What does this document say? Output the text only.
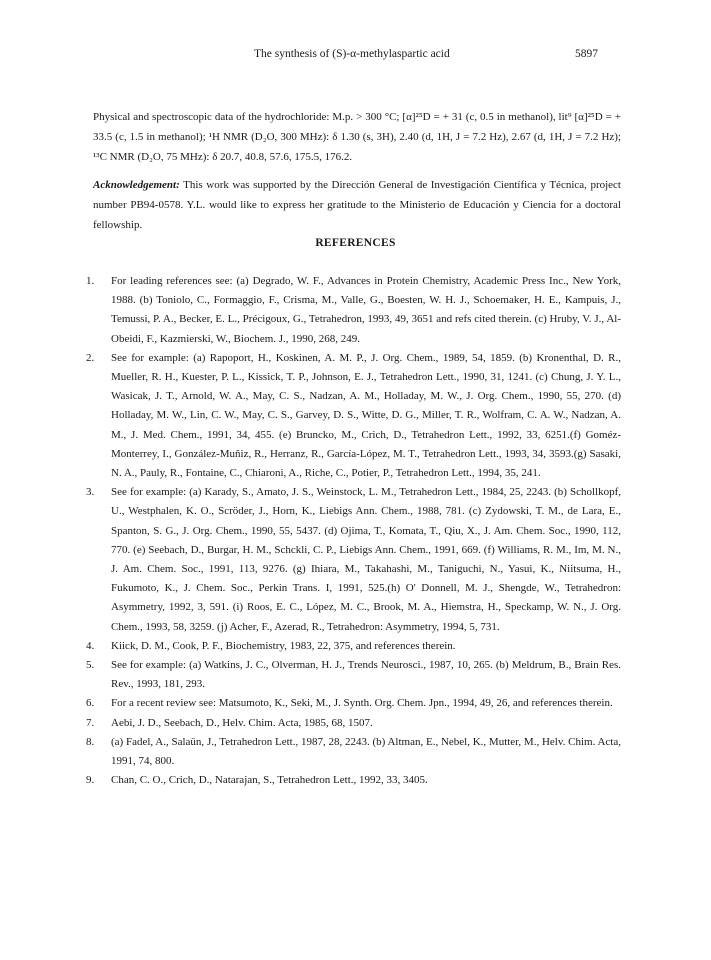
The synthesis of (S)-α-methylaspartic acid	5897

Physical and spectroscopic data of the hydrochloride: M.p. > 300 °C; [α]²⁵D = + 31 (c, 0.5 in methanol), lit⁹ [α]²⁵D = + 33.5 (c, 1.5 in methanol); ¹H NMR (D₂O, 300 MHz): δ 1.30 (s, 3H), 2.40 (d, 1H, J = 7.2 Hz), 2.67 (d, 1H, J = 7.2 Hz); ¹³C NMR (D₂O, 75 MHz): δ 20.7, 40.8, 57.6, 175.5, 176.2.

Acknowledgement: This work was supported by the Dirección General de Investigación Científica y Técnica, project number PB94-0578. Y.L. would like to express her gratitude to the Ministerio de Educación y Ciencia for a doctoral fellowship.

REFERENCES
1. For leading references see: (a) Degrado, W. F., Advances in Protein Chemistry, Academic Press Inc., New York, 1988. (b) Toniolo, C., Formaggio, F., Crisma, M., Valle, G., Boesten, W. H. J., Schoemaker, H. E., Kampuis, J., Temussi, P. A., Becker, E. L., Précigoux, G., Tetrahedron, 1993, 49, 3651 and refs cited therein. (c) Hruby, V. J., Al-Obeidi, F., Kazmierski, W., Biochem. J., 1990, 268, 249.
2. See for example: (a) Rapoport, H., Koskinen, A. M. P., J. Org. Chem., 1989, 54, 1859. (b) Kronenthal, D. R., Mueller, R. H., Kuester, P. L., Kissick, T. P., Johnson, E. J., Tetrahedron Lett., 1990, 31, 1241. (c) Chung, J. Y. L., Wasicak, J. T., Arnold, W. A., May, C. S., Nadzan, A. M., Holladay, M. W., J. Org. Chem., 1990, 55, 270. (d) Holladay, M. W., Lin, C. W., May, C. S., Garvey, D. S., Witte, D. G., Miller, T. R., Wolfram, C. A. W., Nadzan, A. M., J. Med. Chem., 1991, 34, 455. (e) Bruncko, M., Crich, D., Tetrahedron Lett., 1992, 33, 6251.(f) Goméz-Monterrey, I., González-Muñiz, R., Herranz, R., García-López, M. T., Tetrahedron Lett., 1993, 34, 3593.(g) Sasaki, N. A., Pauly, R., Fontaine, C., Chiaroni, A., Riche, C., Potier, P., Tetrahedron Lett., 1994, 35, 241.
3. See for example: (a) Karady, S., Amato, J. S., Weinstock, L. M., Tetrahedron Lett., 1984, 25, 2243. (b) Schollkopf, U., Westphalen, K. O., Scröder, J., Horn, K., Liebigs Ann. Chem., 1988, 781. (c) Zydowski, T. M., de Lara, E., Spanton, S. G., J. Org. Chem., 1990, 55, 5437. (d) Ojima, T., Komata, T., Qiu, X., J. Am. Chem. Soc., 1990, 112, 770. (e) Seebach, D., Burgar, H. M., Schckli, C. P., Liebigs Ann. Chem., 1991, 669. (f) Williams, R. M., Im, M. N., J. Am. Chem. Soc., 1991, 113, 9276. (g) Ihiara, M., Takahashi, M., Taniguchi, N., Yasui, K., Niitsuma, H., Fukumoto, K., J. Chem. Soc., Perkin Trans. I, 1991, 525.(h) O' Donnell, M. J., Shengde, W., Tetrahedron: Asymmetry, 1992, 3, 591. (i) Roos, E. C., López, M. C., Brook, M. A., Hiemstra, H., Speckamp, W. N., J. Org. Chem., 1993, 58, 3259. (j) Acher, F., Azerad, R., Tetrahedron: Asymmetry, 1994, 5, 731.
4. Kiick, D. M., Cook, P. F., Biochemistry, 1983, 22, 375, and references therein.
5. See for example: (a) Watkins, J. C., Olverman, H. J., Trends Neurosci., 1987, 10, 265. (b) Meldrum, B., Brain Res. Rev., 1993, 181, 293.
6. For a recent review see: Matsumoto, K., Seki, M., J. Synth. Org. Chem. Jpn., 1994, 49, 26, and references therein.
7. Aebi, J. D., Seebach, D., Helv. Chim. Acta, 1985, 68, 1507.
8. (a) Fadel, A., Salaün, J., Tetrahedron Lett., 1987, 28, 2243. (b) Altman, E., Nebel, K., Mutter, M., Helv. Chim. Acta, 1991, 74, 800.
9. Chan, C. O., Crich, D., Natarajan, S., Tetrahedron Lett., 1992, 33, 3405.
